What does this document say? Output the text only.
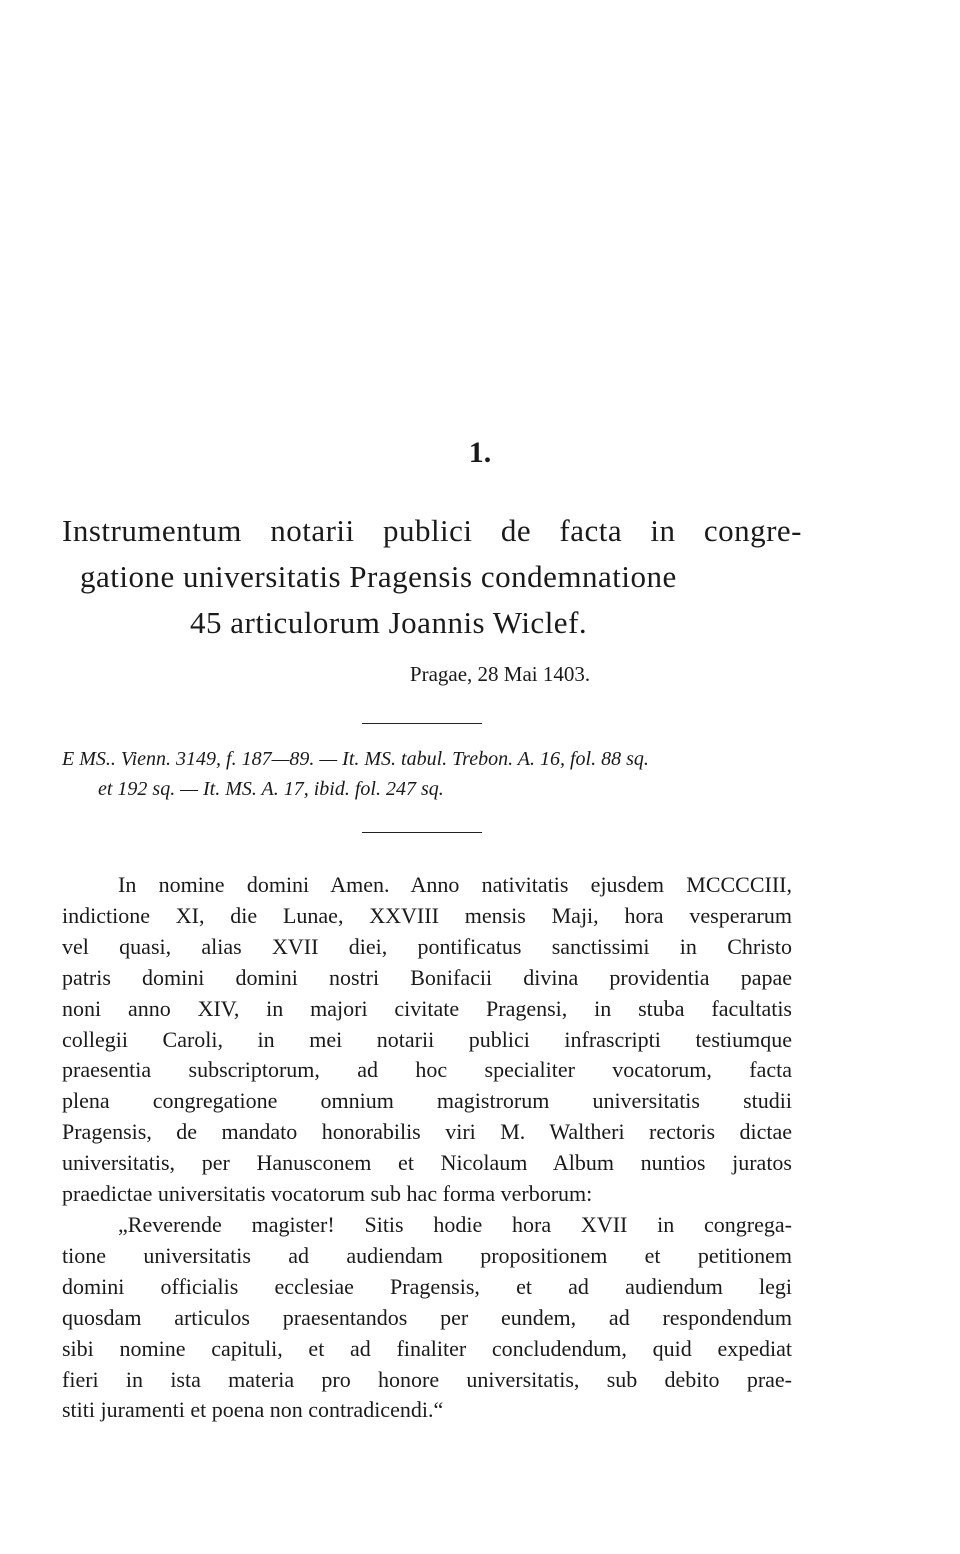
1.
Instrumentum notarii publici de facta in congre-
gatione universitatis Pragensis condemnatione
45 articulorum Joannis Wiclef.
Pragae, 28 Mai 1403.
E MS.. Vienn. 3149, f. 187—89. — It. MS. tabul. Trebon. A. 16, fol. 88 sq.
et 192 sq. — It. MS. A. 17, ibid. fol. 247 sq.
In nomine domini Amen. Anno nativitatis ejusdem MCCCCIII,
indictione XI, die Lunae, XXVIII mensis Maji, hora vesperarum
vel quasi, alias XVII diei, pontificatus sanctissimi in Christo
patris domini domini nostri Bonifacii divina providentia papae
noni anno XIV, in majori civitate Pragensi, in stuba facultatis
collegii Caroli, in mei notarii publici infrascripti testiumque
praesentia subscriptorum, ad hoc specialiter vocatorum, facta
plena congregatione omnium magistrorum universitatis studii
Pragensis, de mandato honorabilis viri M. Waltheri rectoris dictae
universitatis, per Hanusconem et Nicolaum Album nuntios juratos
praedictae universitatis vocatorum sub hac forma verborum:
„Reverende magister! Sitis hodie hora XVII in congrega-
tione universitatis ad audiendam propositionem et petitionem
domini officialis ecclesiae Pragensis, et ad audiendum legi
quosdam articulos praesentandos per eundem, ad respondendum
sibi nomine capituli, et ad finaliter concludendum, quid expediat
fieri in ista materia pro honore universitatis, sub debito prae-
stiti juramenti et poena non contradicendi.“
